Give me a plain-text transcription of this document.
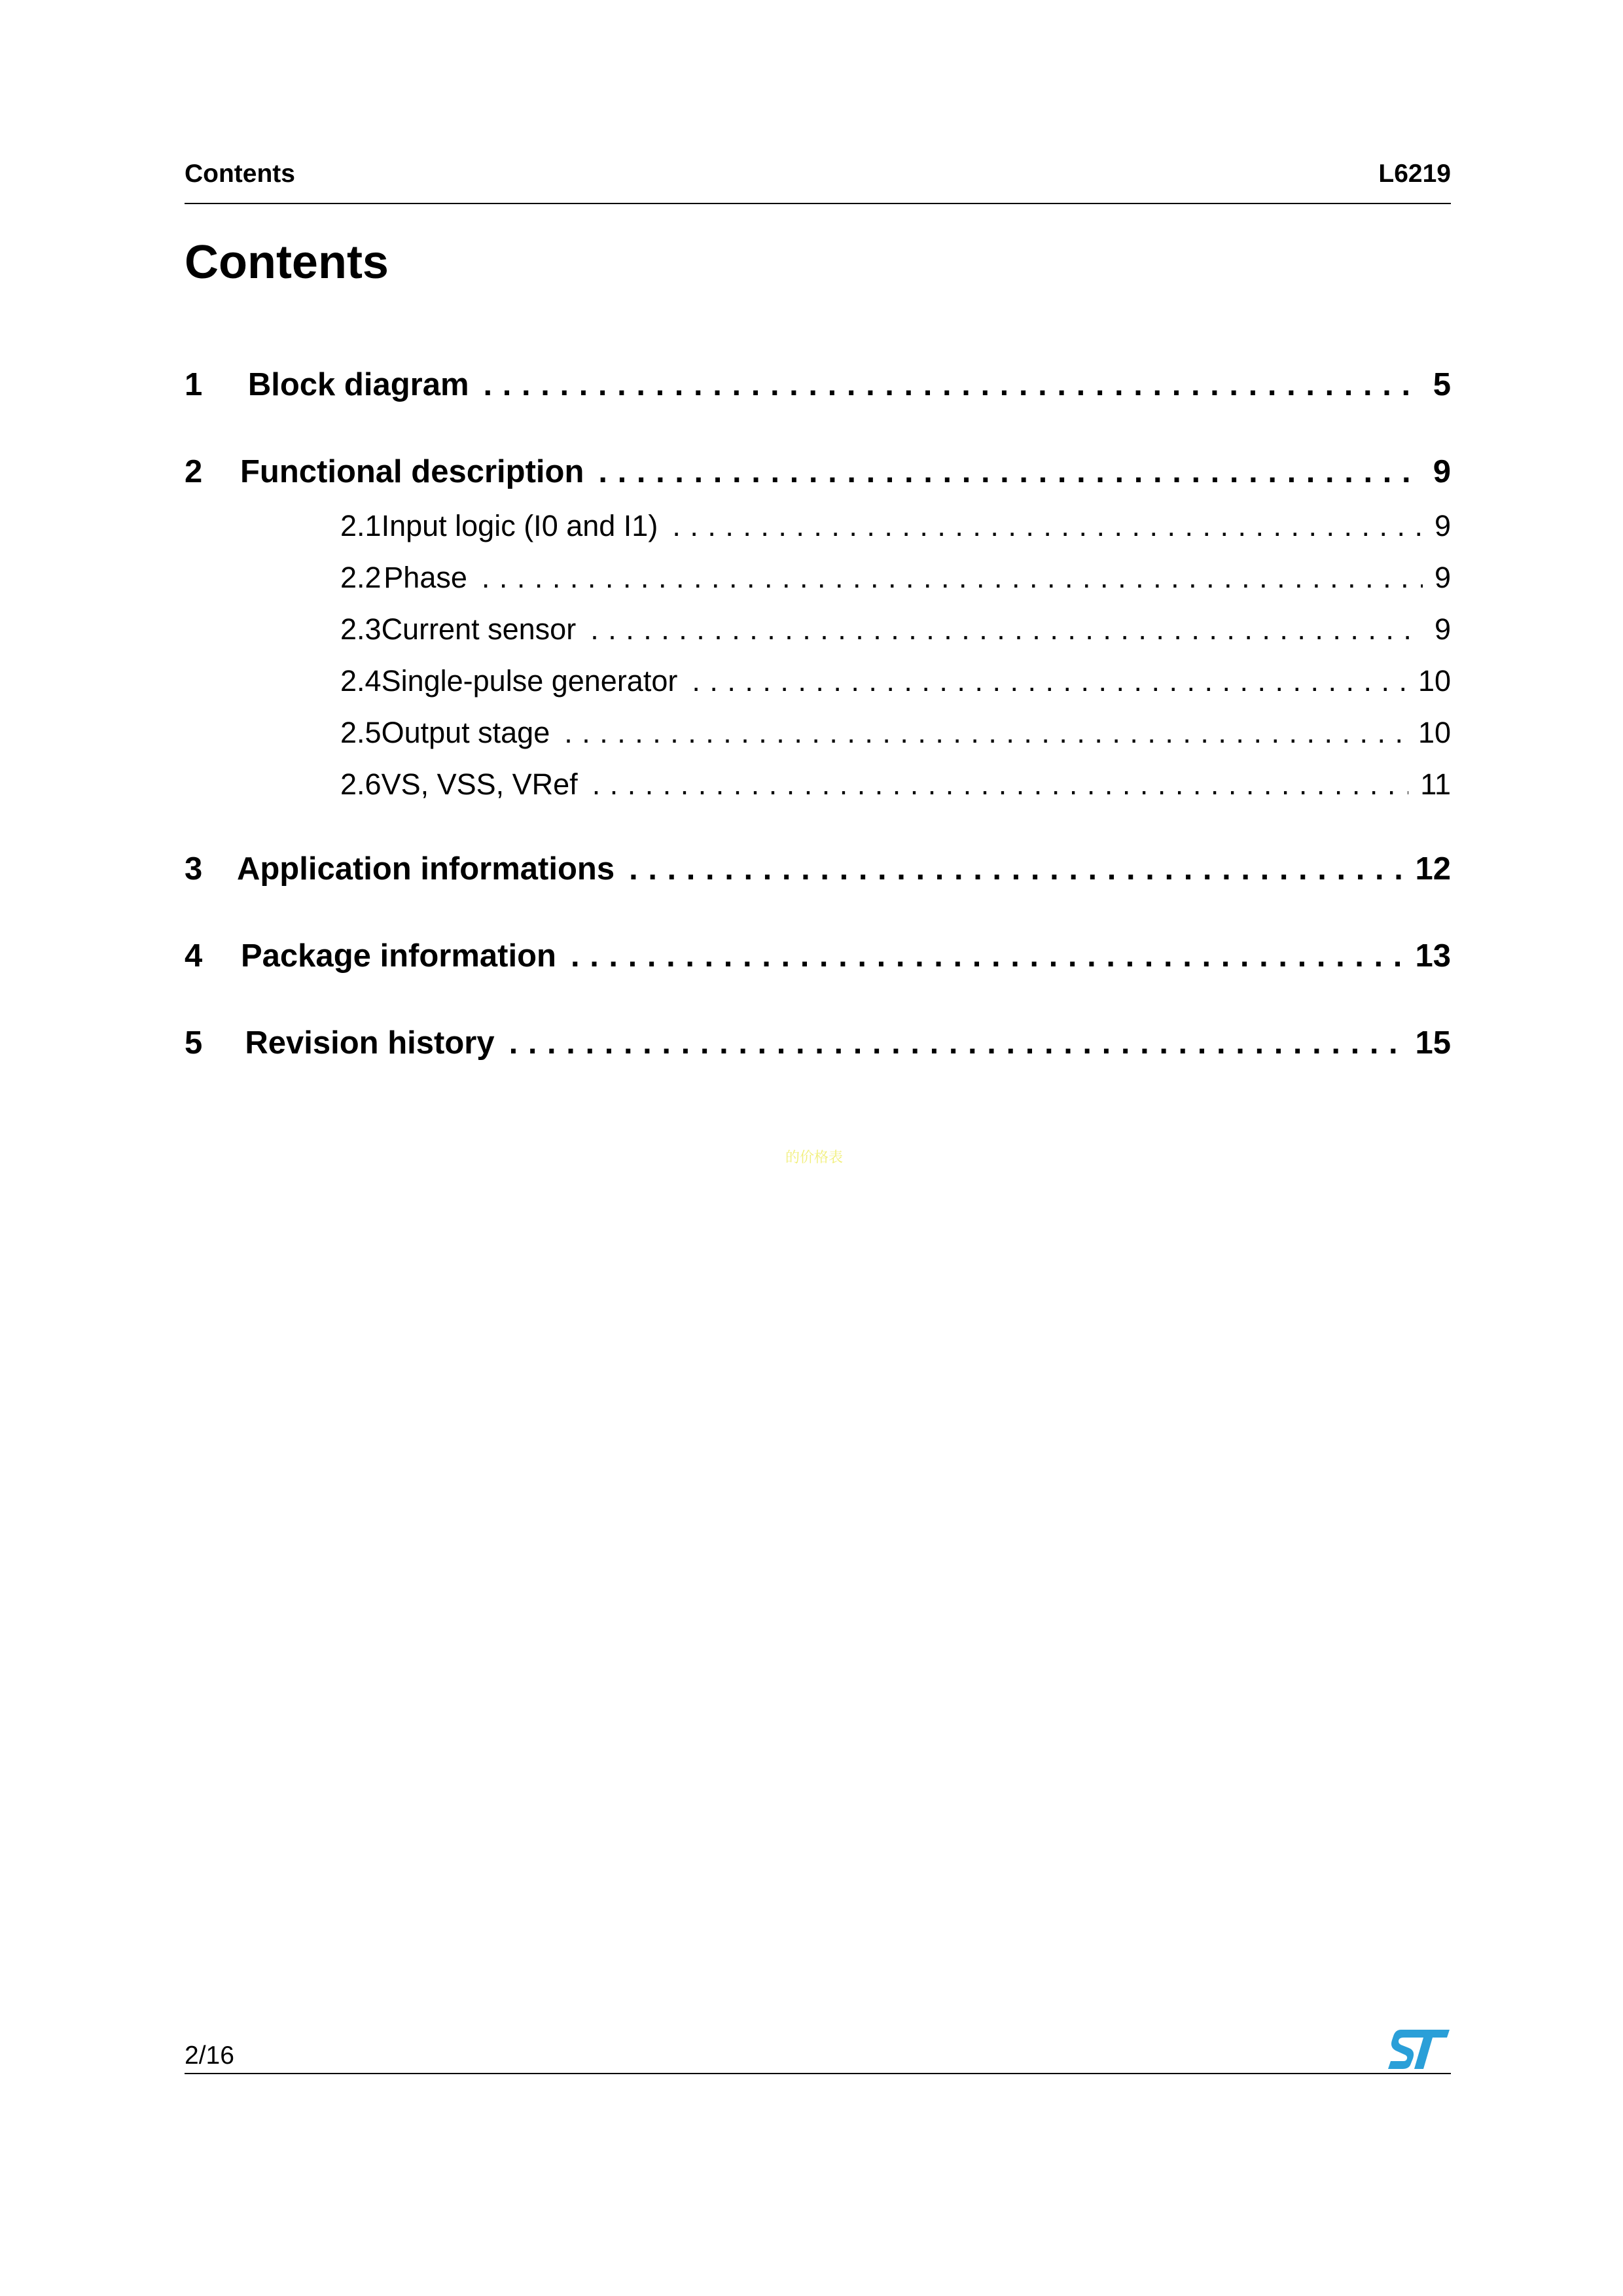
Contents	L6219
Contents
1	Block diagram . . .	5
2	Functional description . . .	9
2.1 Input logic (I0 and I1) . . .	9
2.2 Phase . . .	9
2.3 Current sensor . . .	9
2.4 Single-pulse generator . . .	10
2.5 Output stage . . .	10
2.6 VS, VSS, VRef . . .	11
3	Application informations . . .	12
4	Package information . . .	13
5	Revision history . . .	15
的价格表
2/16
